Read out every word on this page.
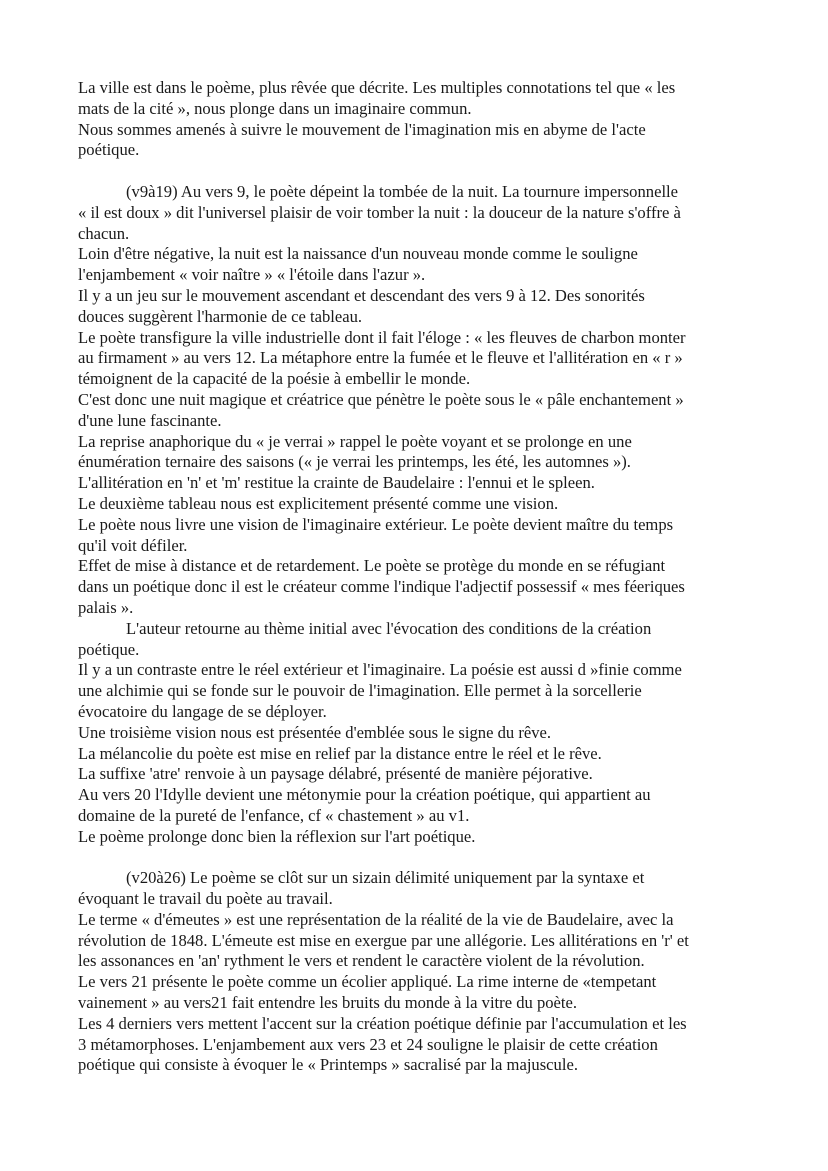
La ville est dans le poème, plus rêvée que décrite. Les multiples connotations tel que « les
mats de la cité », nous plonge dans un imaginaire commun.
Nous sommes amenés à suivre le mouvement de l'imagination mis en abyme de l'acte
poétique.
(v9à19) Au vers 9, le poète dépeint la tombée de la nuit. La tournure impersonnelle
« il est doux » dit l'universel plaisir de voir tomber la nuit : la douceur de la nature s'offre à
chacun.
Loin d'être négative, la nuit est la naissance d'un nouveau monde comme le souligne
l'enjambement « voir naître » « l'étoile dans l'azur ».
Il y a un jeu sur le mouvement ascendant et descendant des vers 9 à 12. Des sonorités
douces suggèrent l'harmonie de ce tableau.
Le poète transfigure la ville industrielle dont il fait l'éloge : « les fleuves de charbon monter
au firmament » au vers 12. La métaphore entre la fumée et le fleuve et l'allitération en « r »
témoignent de la capacité de la poésie à embellir le monde.
C'est donc une nuit magique et créatrice que pénètre le poète sous le « pâle enchantement »
d'une lune fascinante.
La reprise anaphorique du « je verrai » rappel le poète voyant et se prolonge en une
énumération ternaire des saisons (« je verrai les printemps, les été, les automnes »).
L'allitération en 'n' et 'm' restitue la crainte de Baudelaire : l'ennui et le spleen.
Le deuxième tableau nous est explicitement présenté comme une vision.
Le poète nous livre une vision de l'imaginaire extérieur. Le poète devient maître du temps
qu'il voit défiler.
Effet de mise à distance et de retardement. Le poète se protège du monde en se réfugiant
dans un poétique donc il est le créateur comme l'indique l'adjectif possessif « mes féeriques
palais ».
L'auteur retourne au thème initial avec l'évocation des conditions de la création
poétique.
Il y a un contraste entre le réel extérieur et l'imaginaire. La poésie est aussi d »finie comme
une alchimie qui se fonde sur le pouvoir de l'imagination. Elle permet à la sorcellerie
évocatoire du langage de se déployer.
Une troisième vision nous est présentée d'emblée sous le signe du rêve.
La mélancolie du poète est mise en relief par la distance entre le réel et le rêve.
La suffixe 'atre' renvoie à un paysage délabré, présenté de manière péjorative.
Au vers 20 l'Idylle devient une métonymie pour la création poétique, qui appartient au
domaine de la pureté de l'enfance, cf « chastement » au v1.
Le poème prolonge donc bien la réflexion sur l'art poétique.
(v20à26) Le poème se clôt sur un sizain délimité uniquement par la syntaxe et
évoquant le travail du poète au travail.
Le terme « d'émeutes » est une représentation de la réalité de la vie de Baudelaire, avec la
révolution de 1848. L'émeute est mise en exergue par une allégorie. Les allitérations en 'r' et
les assonances en 'an' rythment le vers et rendent le caractère violent de la révolution.
Le vers 21 présente le poète comme un écolier appliqué. La rime interne de «tempetant
vainement » au vers21 fait entendre les bruits du monde à la vitre du poète.
Les 4 derniers vers mettent l'accent sur la création poétique définie par l'accumulation et les
3 métamorphoses. L'enjambement aux vers 23 et 24 souligne le plaisir de cette création
poétique qui consiste à évoquer le « Printemps » sacralisé par la majuscule.
